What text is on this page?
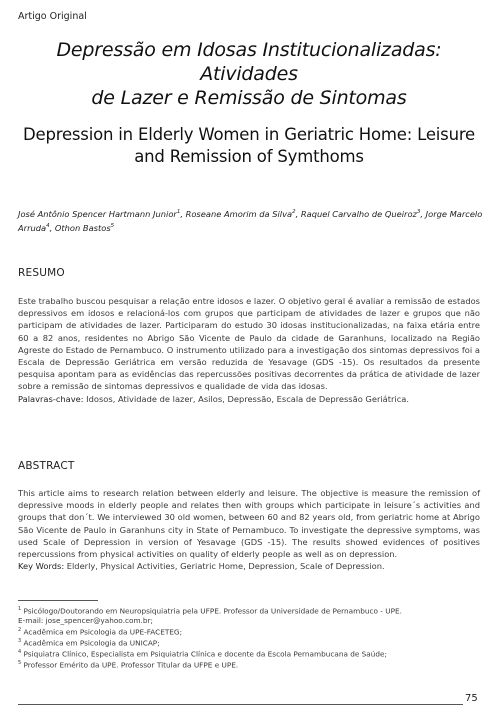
Artigo Original
Depressão em Idosas Institucionalizadas: Atividades
de Lazer e Remissão de Sintomas
Depression in Elderly Women in Geriatric Home: Leisure
and Remission of Symthoms
José Antônio Spencer Hartmann Junior$^1$, Roseane Amorim da Silva$^2$, Raquel Carvalho de Queiroz$^3$, Jorge Marcelo Arruda$^4$, Othon Bastos$^5$
RESUMO
Este trabalho buscou pesquisar a relação entre idosos e lazer. O objetivo geral é avaliar a remissão de estados depressivos em idosos e relacioná-los com grupos que participam de atividades de lazer e grupos que não participam de atividades de lazer. Participaram do estudo 30 idosas institucionalizadas, na faixa etária entre 60 a 82 anos, residentes no Abrigo São Vicente de Paulo da cidade de Garanhuns, localizado na Região Agreste do Estado de Pernambuco. O instrumento utilizado para a investigação dos sintomas depressivos foi a Escala de Depressão Geriátrica em versão reduzida de Yesavage (GDS -15). Os resultados da presente pesquisa apontam para as evidências das repercussões positivas decorrentes da prática de atividade de lazer sobre a remissão de sintomas depressivos e qualidade de vida das idosas.
Palavras-chave: Idosos, Atividade de lazer, Asilos, Depressão, Escala de Depressão Geriátrica.
ABSTRACT
This article aims to research relation between elderly and leisure. The objective is measure the remission of depressive moods in elderly people and relates then with groups which participate in leisure´s activities and groups that don´t. We interviewed 30 old women, between 60 and 82 years old, from geriatric home at Abrigo São Vicente de Paulo in Garanhuns city in State of Pernambuco. To investigate the depressive symptoms, was used Scale of Depression in version of Yesavage (GDS -15). The results showed evidences of positives repercussions from physical activities on quality of elderly people as well as on depression.
Key Words: Elderly, Physical Activities, Geriatric Home, Depression, Scale of Depression.
$^1$ Psicólogo/Doutorando em Neuropsiquiatria pela UFPE. Professor da Universidade de Pernambuco - UPE.
E-mail: jose_spencer@yahoo.com.br;
$^2$ Acadêmica em Psicologia da UPE-FACETEG;
$^3$ Acadêmica em Psicologia da UNICAP;
$^4$ Psiquiatra Clínico, Especialista em Psiquiatria Clínica e docente da Escola Pernambucana de Saúde;
$^5$ Professor Emérito da UPE. Professor Titular da UFPE e UPE.
75
